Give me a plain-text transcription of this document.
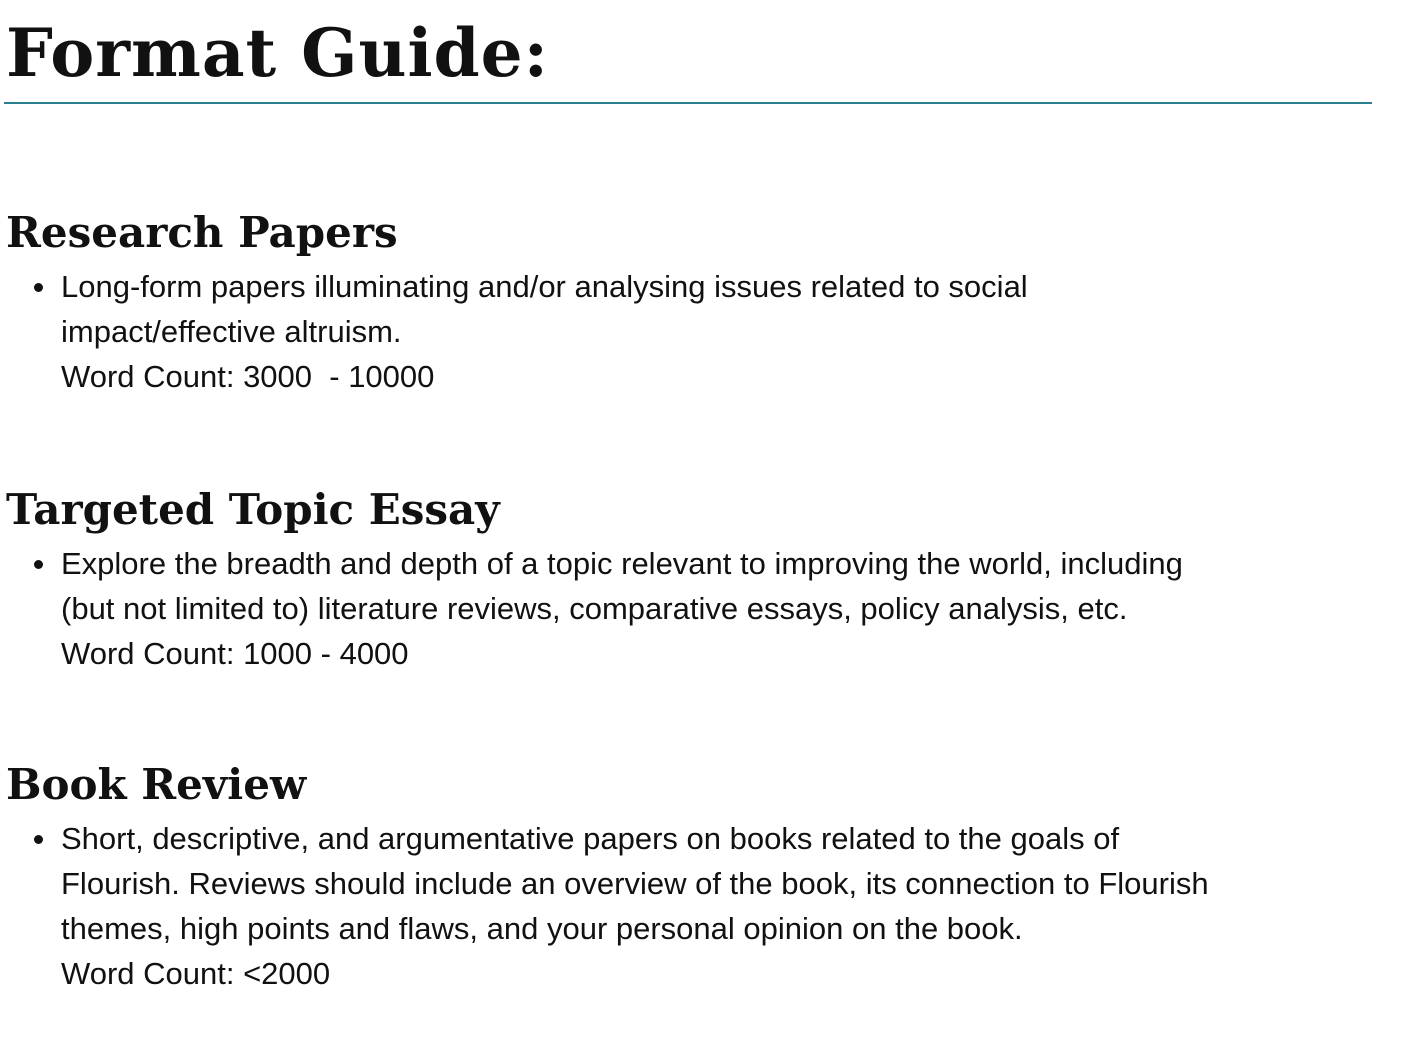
Format Guide:
Research Papers
Long-form papers illuminating and/or analysing issues related to social
impact/effective altruism.
Word Count: 3000  - 10000
Targeted Topic Essay
Explore the breadth and depth of a topic relevant to improving the world, including
(but not limited to) literature reviews, comparative essays, policy analysis, etc.
Word Count: 1000 - 4000
Book Review
Short, descriptive, and argumentative papers on books related to the goals of
Flourish. Reviews should include an overview of the book, its connection to Flourish
themes, high points and flaws, and your personal opinion on the book.
Word Count: <2000
